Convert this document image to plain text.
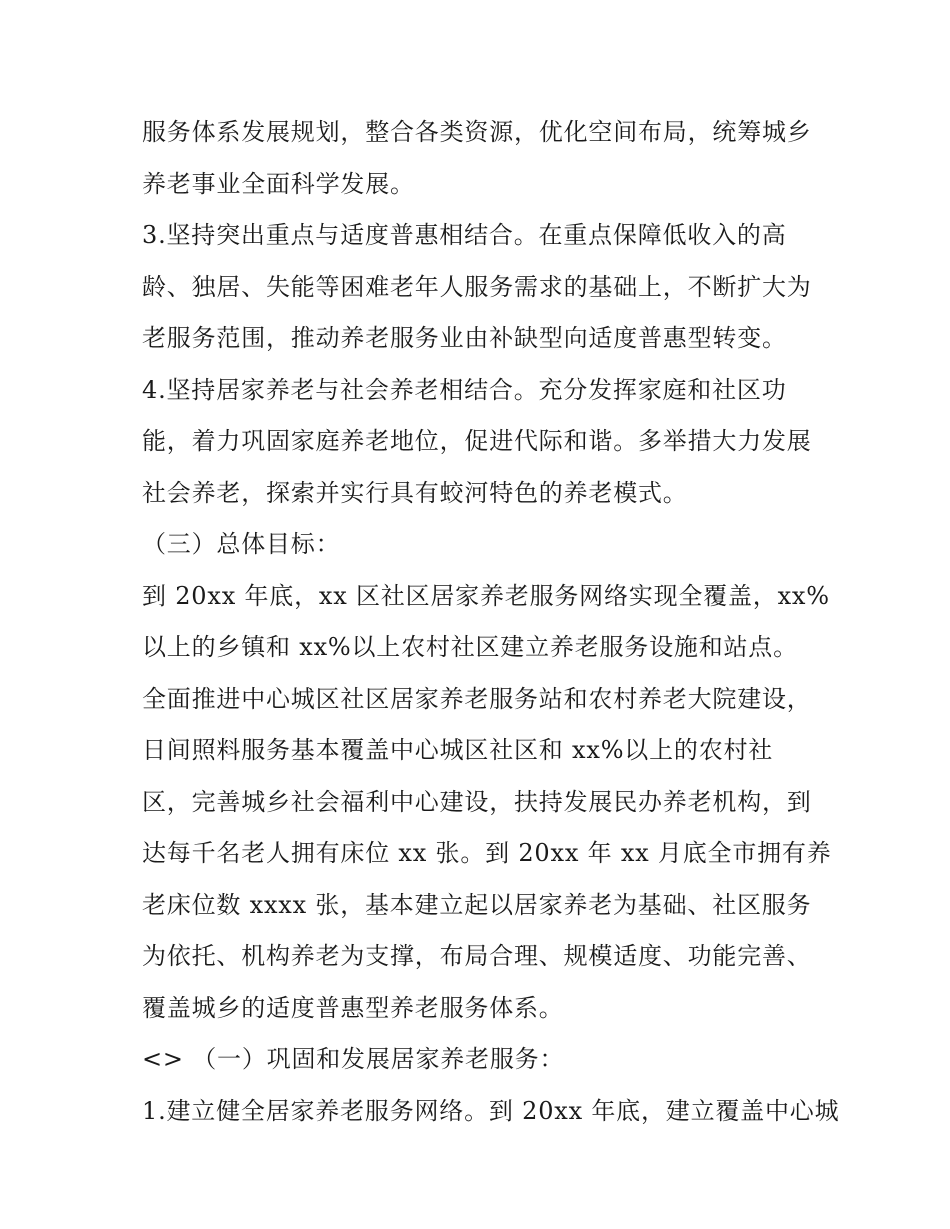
服务体系发展规划，整合各类资源，优化空间布局，统筹城乡
养老事业全面科学发展。
3.坚持突出重点与适度普惠相结合。在重点保障低收入的高
龄、独居、失能等困难老年人服务需求的基础上，不断扩大为
老服务范围，推动养老服务业由补缺型向适度普惠型转变。
4.坚持居家养老与社会养老相结合。充分发挥家庭和社区功
能，着力巩固家庭养老地位，促进代际和谐。多举措大力发展
社会养老，探索并实行具有蛟河特色的养老模式。
（三）总体目标：
到 20xx 年底，xx 区社区居家养老服务网络实现全覆盖，xx%
以上的乡镇和 xx%以上农村社区建立养老服务设施和站点。
全面推进中心城区社区居家养老服务站和农村养老大院建设，
日间照料服务基本覆盖中心城区社区和 xx%以上的农村社
区，完善城乡社会福利中心建设，扶持发展民办养老机构，到
达每千名老人拥有床位 xx 张。到 20xx 年 xx 月底全市拥有养
老床位数 xxxx 张，基本建立起以居家养老为基础、社区服务
为依托、机构养老为支撑，布局合理、规模适度、功能完善、
覆盖城乡的适度普惠型养老服务体系。
<> （一）巩固和发展居家养老服务：
1.建立健全居家养老服务网络。到 20xx 年底，建立覆盖中心城
